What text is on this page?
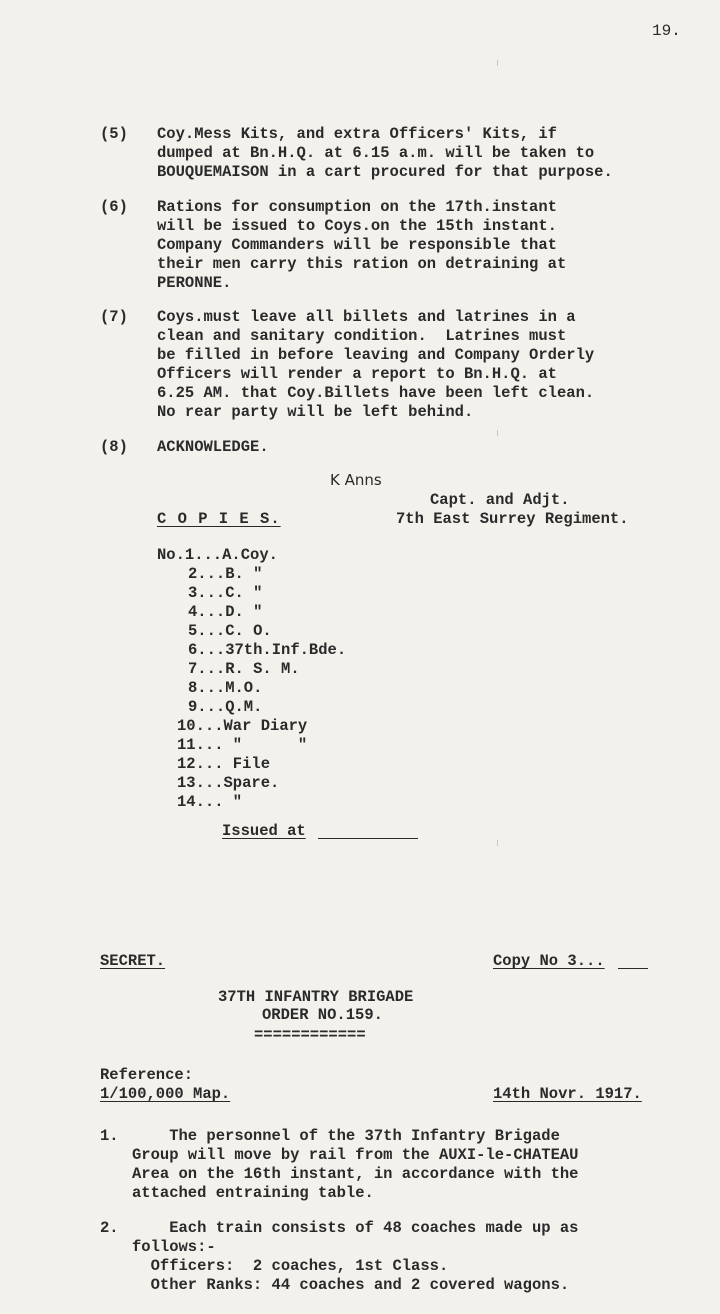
19.
(5) Coy.Mess Kits, and extra Officers' Kits, if
dumped at Bn.H.Q. at 6.15 a.m. will be taken to
BOUQUEMAISON in a cart procured for that purpose.
(6) Rations for consumption on the 17th.instant
will be issued to Coys.on the 15th instant.
Company Commanders will be responsible that
their men carry this ration on detraining at
PERONNE.
(7) Coys.must leave all billets and latrines in a
clean and sanitary condition.  Latrines must
be filled in before leaving and Company Orderly
Officers will render a report to Bn.H.Q. at
6.25 AM. that Coy.Billets have been left clean.
No rear party will be left behind.
(8) ACKNOWLEDGE.
K Anns
Capt. and Adjt.
7th East Surrey Regiment.
C O P I E S.
No.1...A.Coy.
2...B. "
3...C. "
4...D. "
5...C. O.
6...37th.Inf.Bde.
7...R. S. M.
8...M.O.
9...Q.M.
10...War Diary
11... "      "
12... File
13...Spare.
14... "
Issued at
SECRET.	Copy No 3...
37TH INFANTRY BRIGADE
ORDER NO.159.
============
Reference:
1/100,000 Map.	14th Novr. 1917.
1. The personnel of the 37th Infantry Brigade
Group will move by rail from the AUXI-le-CHATEAU
Area on the 16th instant, in accordance with the
attached entraining table.
2. Each train consists of 48 coaches made up as
follows:-
Officers:  2 coaches, 1st Class.
Other Ranks: 44 coaches and 2 covered wagons.
